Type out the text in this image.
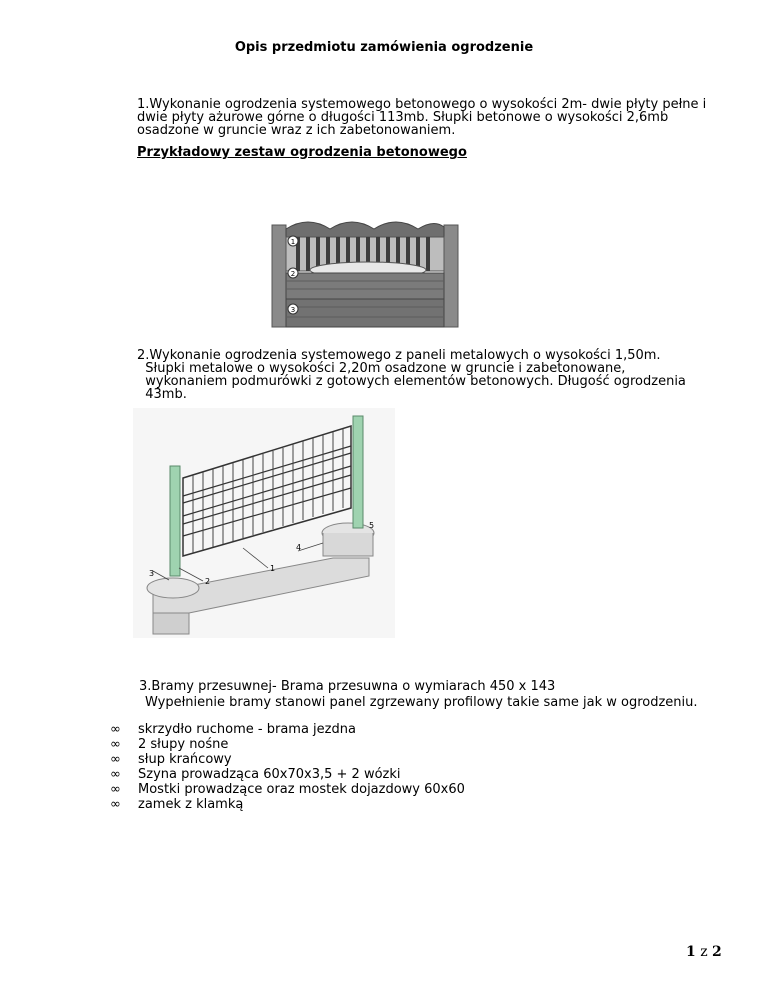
Opis przedmiotu zamówienia ogrodzenie
1.Wykonanie ogrodzenia systemowego betonowego o wysokości 2m- dwie płyty pełne i
dwie płyty ażurowe górne o długości 113mb. Słupki betonowe o wysokości 2,6mb
osadzone w gruncie wraz z ich zabetonowaniem.
Przykładowy zestaw ogrodzenia betonowego
1
2
3
2.Wykonanie ogrodzenia systemowego z paneli metalowych o wysokości 1,50m.
Słupki metalowe o wysokości 2,20m osadzone w gruncie i zabetonowane,
wykonaniem podmurówki z gotowych elementów betonowych. Długość ogrodzenia
43mb.
3
2
1
4
5
3.Bramy przesuwnej- Brama przesuwna o wymiarach 450 x 143
Wypełnienie bramy stanowi panel zgrzewany profilowy takie same jak w ogrodzeniu.
∞	skrzydło ruchome - brama jezdna
∞	2 słupy nośne
∞	słup krańcowy
∞	Szyna prowadząca 60x70x3,5 + 2 wózki
∞	Mostki prowadzące oraz mostek dojazdowy 60x60
∞	zamek z klamką
1 z 2
